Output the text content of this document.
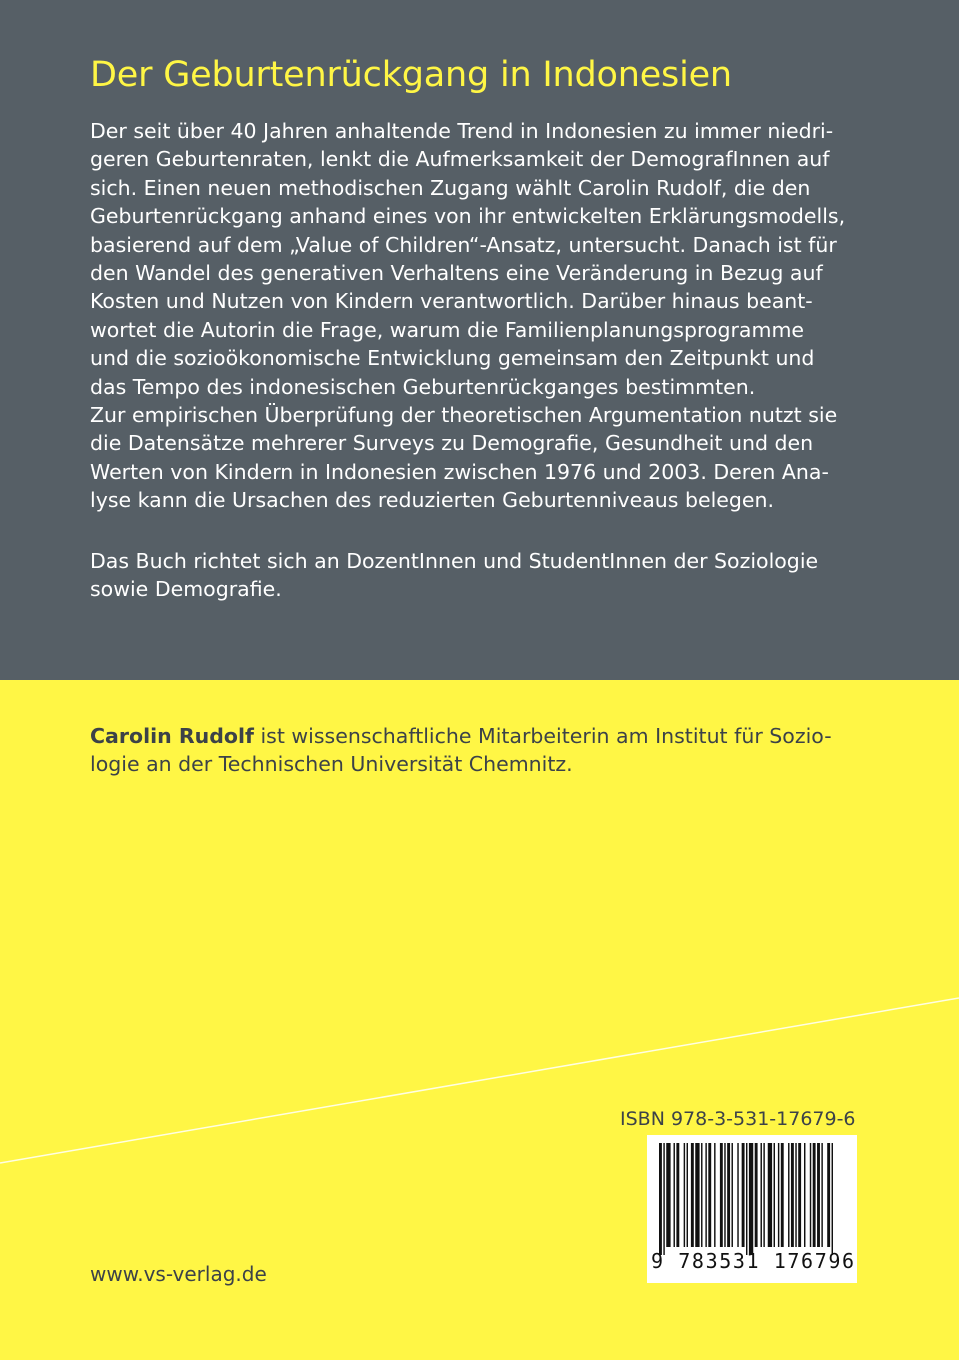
Der Geburtenrückgang in Indonesien
Der seit über 40 Jahren anhaltende Trend in Indonesien zu immer niedri-
geren Geburtenraten, lenkt die Aufmerksamkeit der DemografInnen auf
sich. Einen neuen methodischen Zugang wählt Carolin Rudolf, die den
Geburtenrückgang anhand eines von ihr entwickelten Erklärungsmodells,
basierend auf dem „Value of Children“-Ansatz, untersucht. Danach ist für
den Wandel des generativen Verhaltens eine Veränderung in Bezug auf
Kosten und Nutzen von Kindern verantwortlich. Darüber hinaus beant-
wortet die Autorin die Frage, warum die Familienplanungsprogramme
und die sozioökonomische Entwicklung gemeinsam den Zeitpunkt und
das Tempo des indonesischen Geburtenrückganges bestimmten.
Zur empirischen Überprüfung der theoretischen Argumentation nutzt sie
die Datensätze mehrerer Surveys zu Demografie, Gesundheit und den
Werten von Kindern in Indonesien zwischen 1976 und 2003. Deren Ana-
lyse kann die Ursachen des reduzierten Geburtenniveaus belegen.
Das Buch richtet sich an DozentInnen und StudentInnen der Soziologie
sowie Demografie.
Carolin Rudolf ist wissenschaftliche Mitarbeiterin am Institut für Sozio-
logie an der Technischen Universität Chemnitz.
ISBN 978-3-531-17679-6
9 783531 176796
www.vs-verlag.de
